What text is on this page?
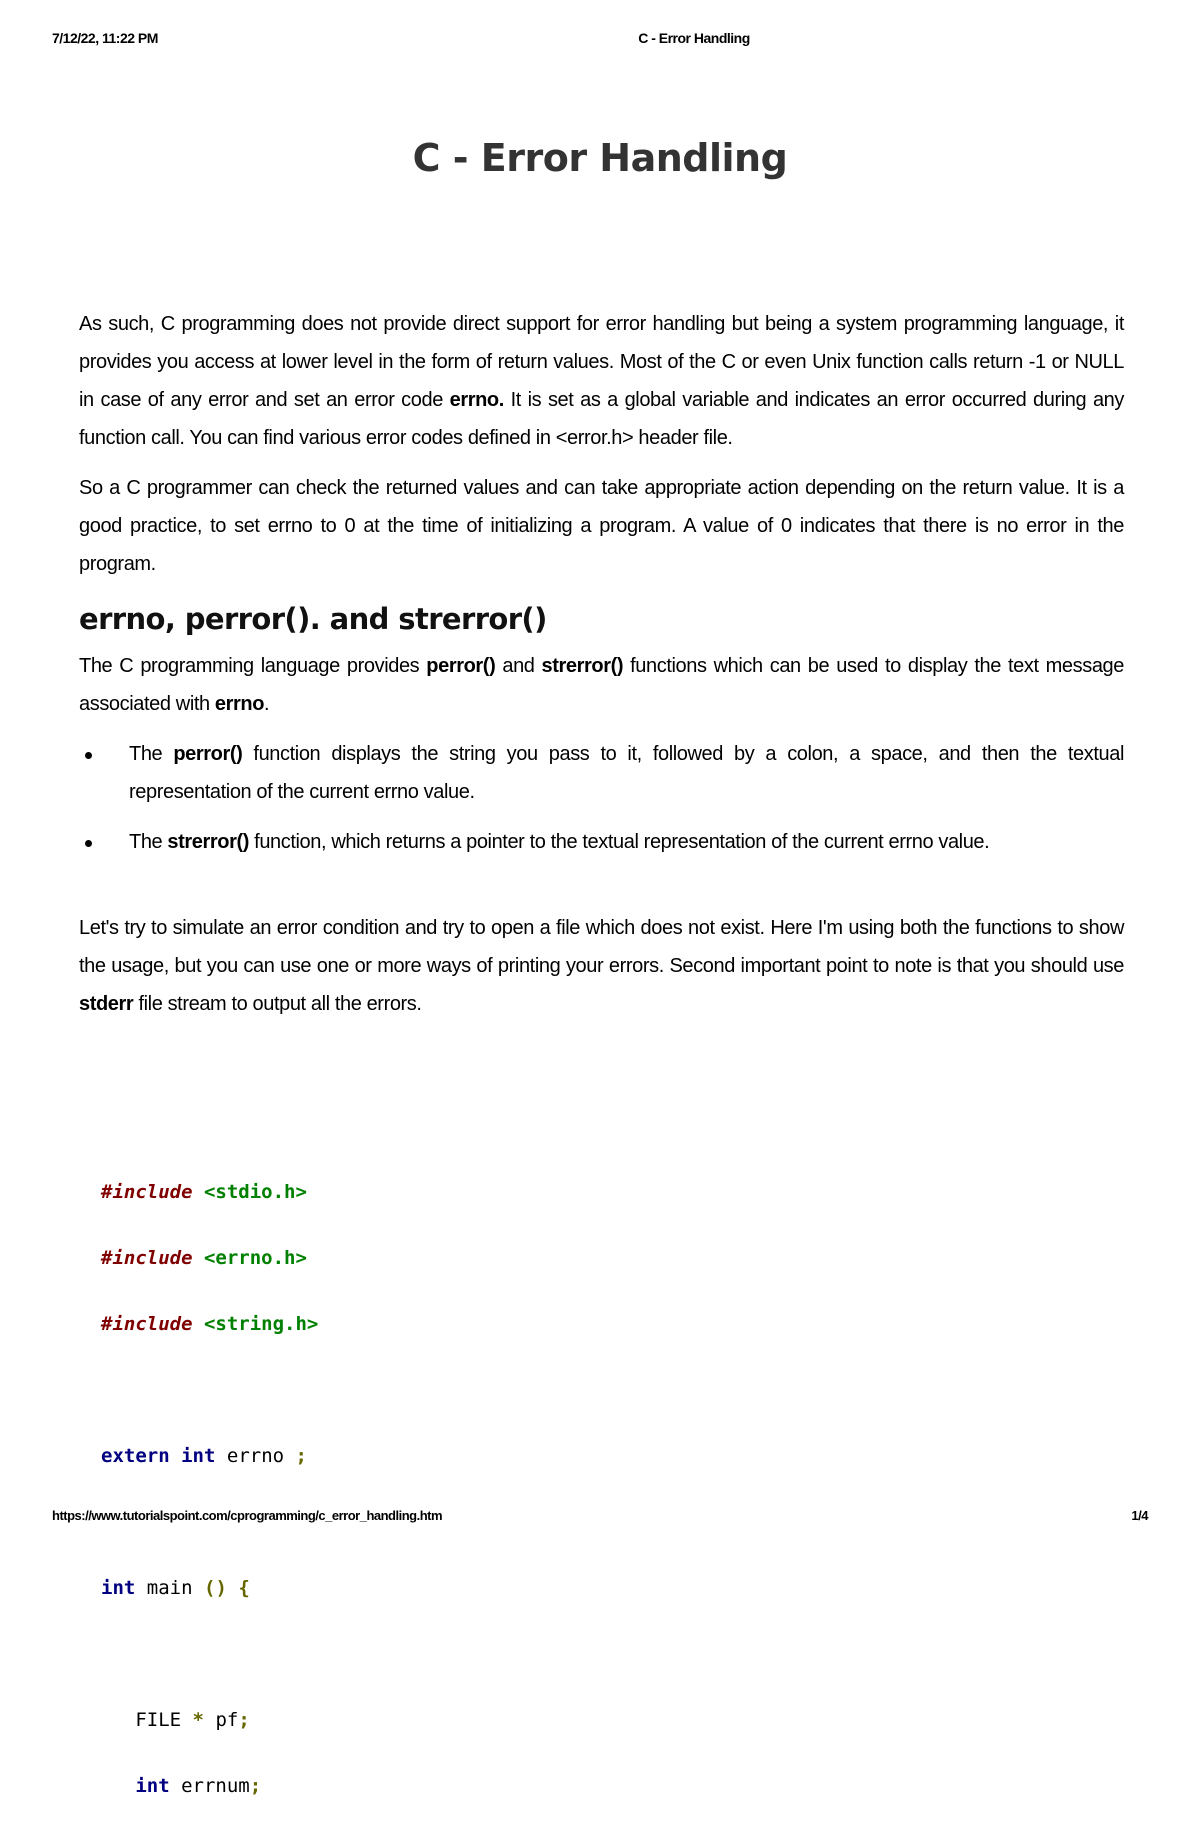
7/12/22, 11:22 PM	C - Error Handling
C - Error Handling

As such, C programming does not provide direct support for error handling but being a system programming language, it provides you access at lower level in the form of return values. Most of the C or even Unix function calls return -1 or NULL in case of any error and set an error code errno. It is set as a global variable and indicates an error occurred during any function call. You can find various error codes defined in <error.h> header file.

So a C programmer can check the returned values and can take appropriate action depending on the return value. It is a good practice, to set errno to 0 at the time of initializing a program. A value of 0 indicates that there is no error in the program.

errno, perror(). and strerror()

The C programming language provides perror() and strerror() functions which can be used to display the text message associated with errno.

The perror() function displays the string you pass to it, followed by a colon, a space, and then the textual representation of the current errno value.
The strerror() function, which returns a pointer to the textual representation of the current errno value.

Let's try to simulate an error condition and try to open a file which does not exist. Here I'm using both the functions to show the usage, but you can use one or more ways of printing your errors. Second important point to note is that you should use stderr file stream to output all the errors.

#include <stdio.h>

#include <errno.h>

#include <string.h>

extern int errno ;

int main () {

FILE * pf;

int errnum;

https://www.tutorialspoint.com/cprogramming/c_error_handling.htm	1/4
